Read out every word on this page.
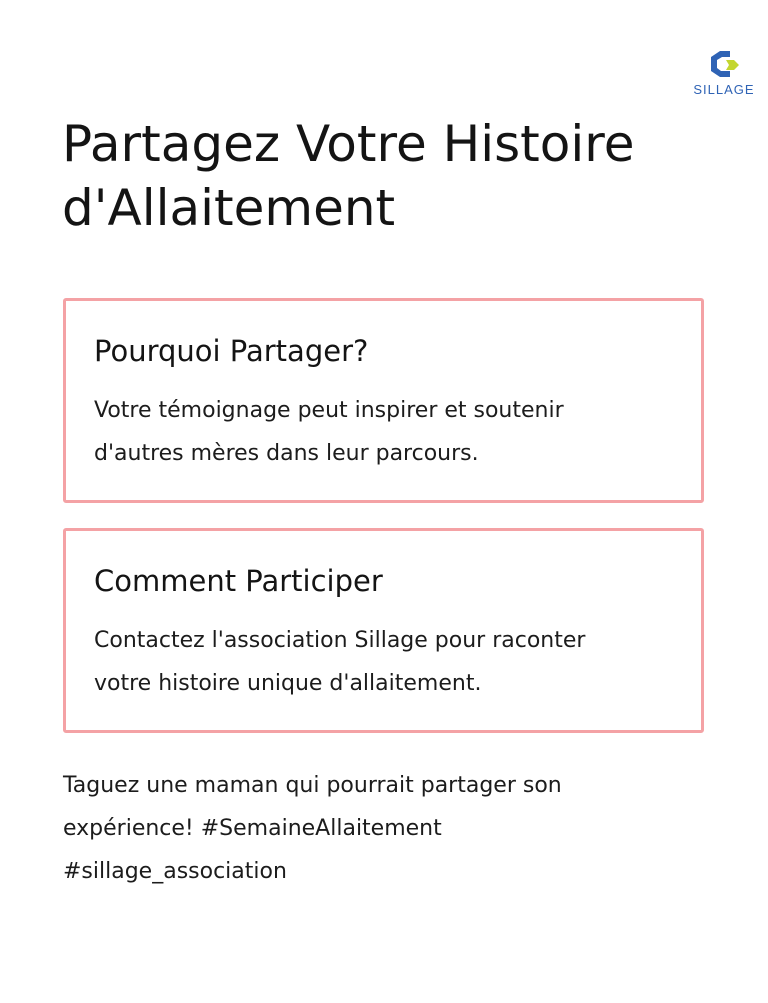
SILLAGE
Partagez Votre Histoire
d'Allaitement
Pourquoi Partager?

Votre témoignage peut inspirer et soutenir
d'autres mères dans leur parcours.

Comment Participer

Contactez l'association Sillage pour raconter
votre histoire unique d'allaitement.

Taguez une maman qui pourrait partager son
expérience! #SemaineAllaitement
#sillage_association
